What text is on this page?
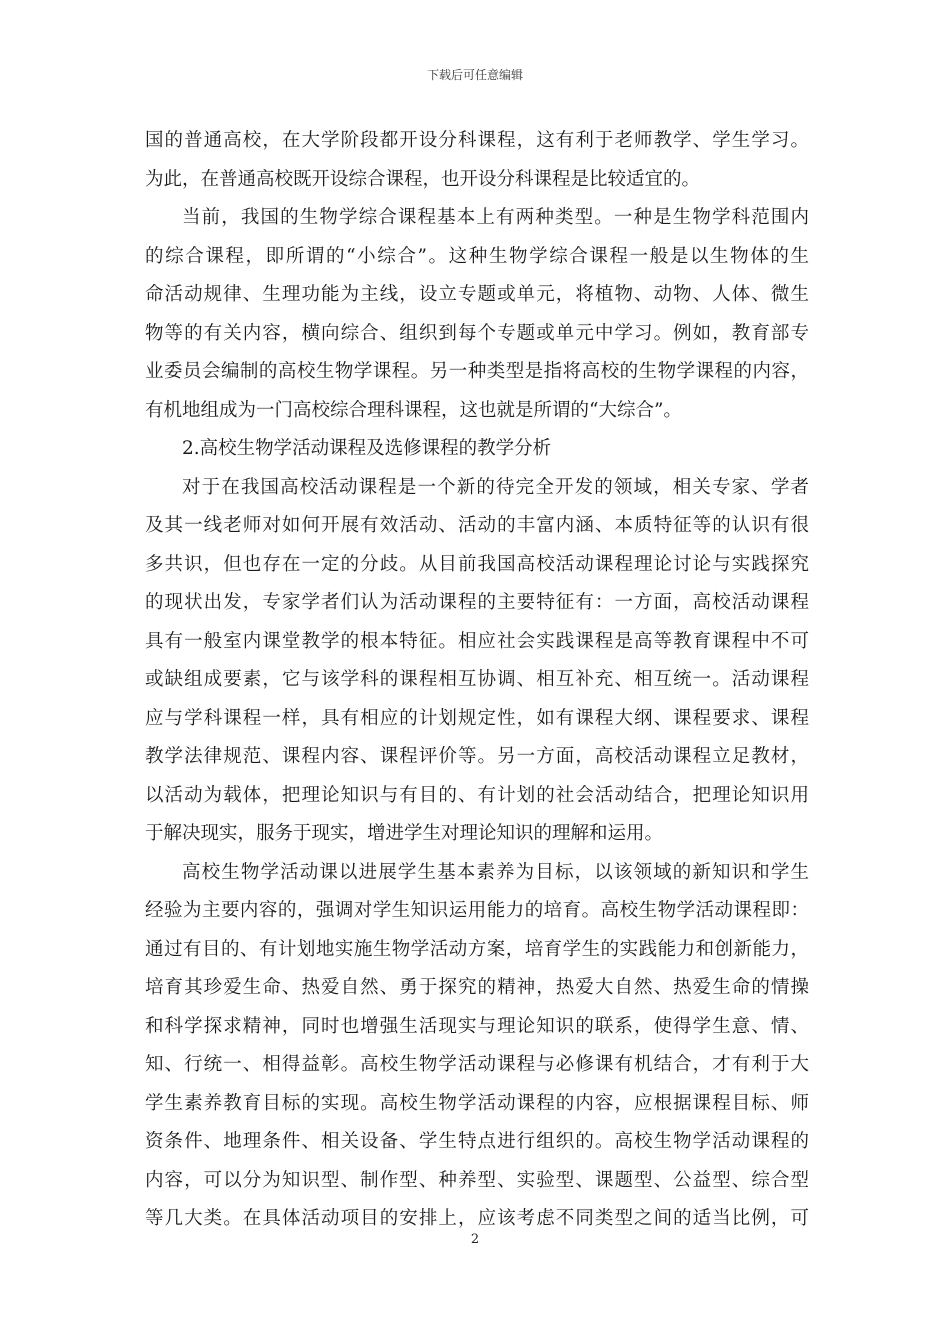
下载后可任意编辑
国的普通高校，在大学阶段都开设分科课程，这有利于老师教学、学生学习。
为此，在普通高校既开设综合课程，也开设分科课程是比较适宜的。
当前，我国的生物学综合课程基本上有两种类型。一种是生物学科范围内
的综合课程，即所谓的“小综合”。这种生物学综合课程一般是以生物体的生
命活动规律、生理功能为主线，设立专题或单元，将植物、动物、人体、微生
物等的有关内容，横向综合、组织到每个专题或单元中学习。例如，教育部专
业委员会编制的高校生物学课程。另一种类型是指将高校的生物学课程的内容，
有机地组成为一门高校综合理科课程，这也就是所谓的“大综合”。
2.高校生物学活动课程及选修课程的教学分析
对于在我国高校活动课程是一个新的待完全开发的领域，相关专家、学者
及其一线老师对如何开展有效活动、活动的丰富内涵、本质特征等的认识有很
多共识，但也存在一定的分歧。从目前我国高校活动课程理论讨论与实践探究
的现状出发，专家学者们认为活动课程的主要特征有：一方面，高校活动课程
具有一般室内课堂教学的根本特征。相应社会实践课程是高等教育课程中不可
或缺组成要素，它与该学科的课程相互协调、相互补充、相互统一。活动课程
应与学科课程一样，具有相应的计划规定性，如有课程大纲、课程要求、课程
教学法律规范、课程内容、课程评价等。另一方面，高校活动课程立足教材，
以活动为载体，把理论知识与有目的、有计划的社会活动结合，把理论知识用
于解决现实，服务于现实，增进学生对理论知识的理解和运用。
高校生物学活动课以进展学生基本素养为目标，以该领域的新知识和学生
经验为主要内容的，强调对学生知识运用能力的培育。高校生物学活动课程即：
通过有目的、有计划地实施生物学活动方案，培育学生的实践能力和创新能力，
培育其珍爱生命、热爱自然、勇于探究的精神，热爱大自然、热爱生命的情操
和科学探求精神，同时也增强生活现实与理论知识的联系，使得学生意、情、
知、行统一、相得益彰。高校生物学活动课程与必修课有机结合，才有利于大
学生素养教育目标的实现。高校生物学活动课程的内容，应根据课程目标、师
资条件、地理条件、相关设备、学生特点进行组织的。高校生物学活动课程的
内容，可以分为知识型、制作型、种养型、实验型、课题型、公益型、综合型
等几大类。在具体活动项目的安排上，应该考虑不同类型之间的适当比例，可
2
